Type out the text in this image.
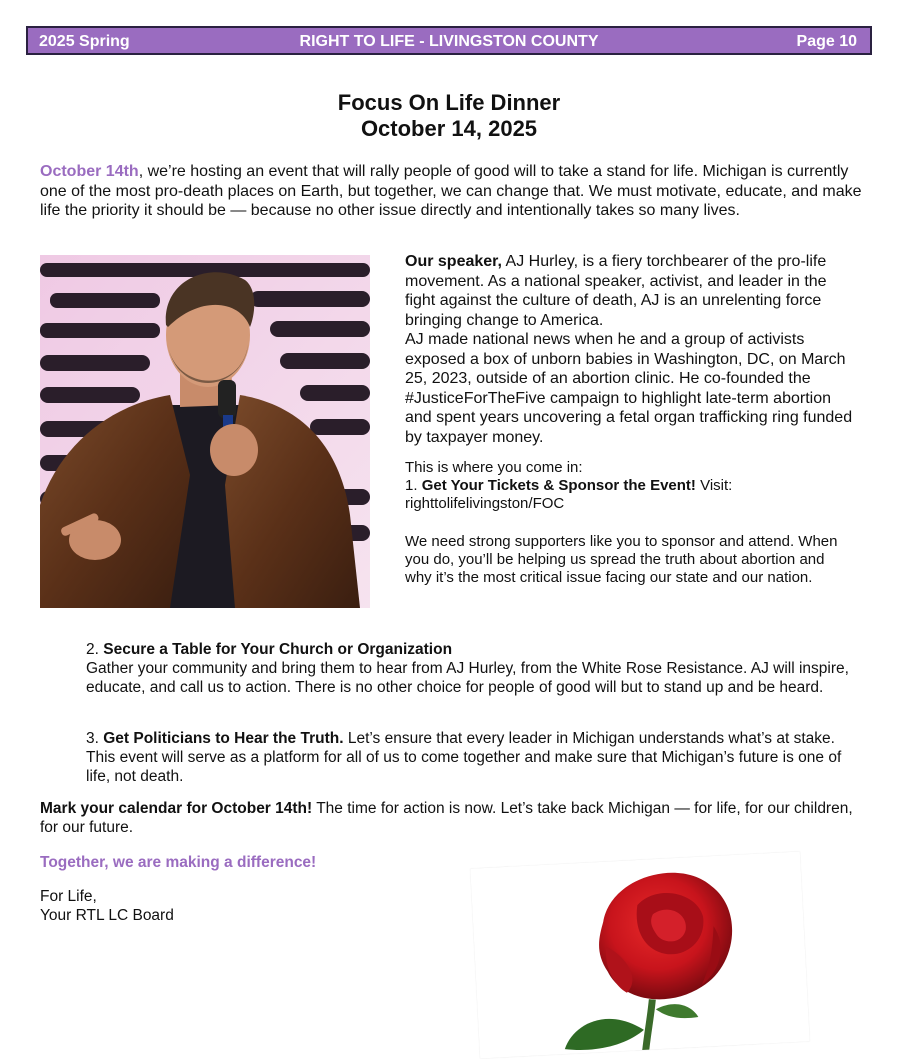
2025 Spring	RIGHT TO LIFE - LIVINGSTON COUNTY	Page 10
Focus On Life Dinner
October 14, 2025

October 14th, we’re hosting an event that will rally people of good will to take a stand for life. Michigan is currently one of the most pro-death places on Earth, but together, we can change that. We must motivate, educate, and make life the priority it should be — because no other issue directly and intentionally takes so many lives.

Our speaker, AJ Hurley, is a fiery torchbearer of the pro-life movement. As a national speaker, activist, and leader in the fight against the culture of death, AJ is an unrelenting force bringing change to America.
AJ made national news when he and a group of activists exposed a box of unborn babies in Washington, DC, on March 25, 2023, outside of an abortion clinic. He co-founded the #JusticeForTheFive campaign to highlight late-term abortion and spent years uncovering a fetal organ trafficking ring funded by taxpayer money.
This is where you come in:
1. Get Your Tickets & Sponsor the Event! Visit:
righttolifelivingston/FOC
We need strong supporters like you to sponsor and attend. When you do, you’ll be helping us spread the truth about abortion and why it’s the most critical issue facing our state and our nation.
2. Secure a Table for Your Church or Organization
Gather your community and bring them to hear from AJ Hurley, from the White Rose Resistance. AJ will inspire, educate, and call us to action. There is no other choice for people of good will but to stand up and be heard.
3. Get Politicians to Hear the Truth. Let’s ensure that every leader in Michigan understands what’s at stake. This event will serve as a platform for all of us to come together and make sure that Michigan’s future is one of life, not death.
Mark your calendar for October 14th! The time for action is now. Let’s take back Michigan — for life, for our children, for our future.
Together, we are making a difference!
For Life,
Your RTL LC Board
